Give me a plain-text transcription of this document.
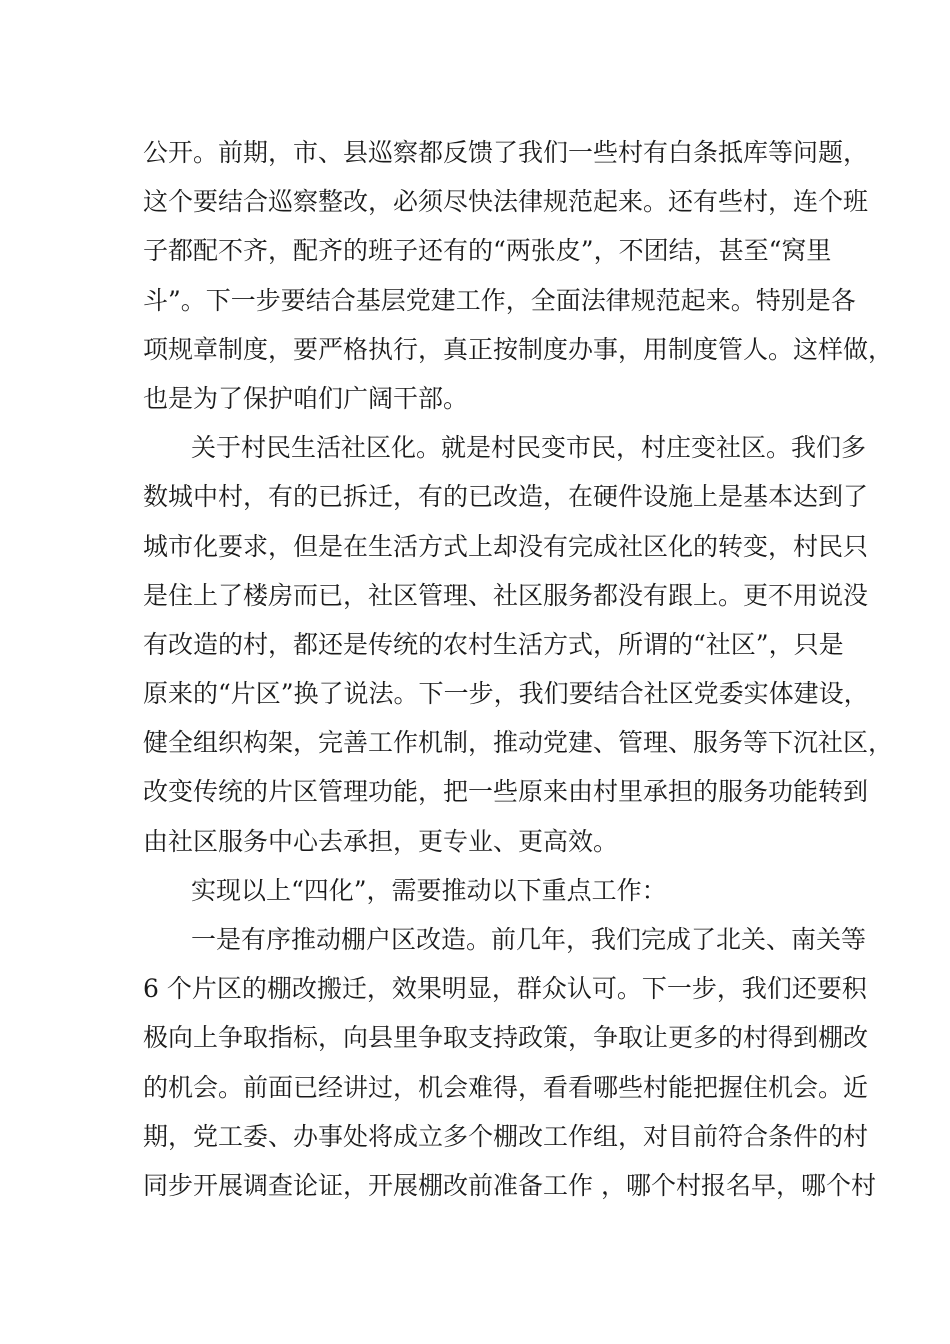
公开。前期，市、县巡察都反馈了我们一些村有白条抵库等问题，
这个要结合巡察整改，必须尽快法律规范起来。还有些村，连个班
子都配不齐，配齐的班子还有的“两张皮”，不团结，甚至“窝里
斗”。下一步要结合基层党建工作，全面法律规范起来。特别是各
项规章制度，要严格执行，真正按制度办事，用制度管人。这样做，
也是为了保护咱们广阔干部。
关于村民生活社区化。就是村民变市民，村庄变社区。我们多
数城中村，有的已拆迁，有的已改造，在硬件设施上是基本达到了
城市化要求，但是在生活方式上却没有完成社区化的转变，村民只
是住上了楼房而已，社区管理、社区服务都没有跟上。更不用说没
有改造的村，都还是传统的农村生活方式，所谓的“社区”，只是
原来的“片区”换了说法。下一步，我们要结合社区党委实体建设，
健全组织构架，完善工作机制，推动党建、管理、服务等下沉社区，
改变传统的片区管理功能，把一些原来由村里承担的服务功能转到
由社区服务中心去承担，更专业、更高效。
实现以上“四化”，需要推动以下重点工作：
一是有序推动棚户区改造。前几年，我们完成了北关、南关等
6 个片区的棚改搬迁，效果明显，群众认可。下一步，我们还要积
极向上争取指标，向县里争取支持政策，争取让更多的村得到棚改
的机会。前面已经讲过，机会难得，看看哪些村能把握住机会。近
期，党工委、办事处将成立多个棚改工作组，对目前符合条件的村
同步开展调查论证，开展棚改前准备工作 ，哪个村报名早，哪个村
